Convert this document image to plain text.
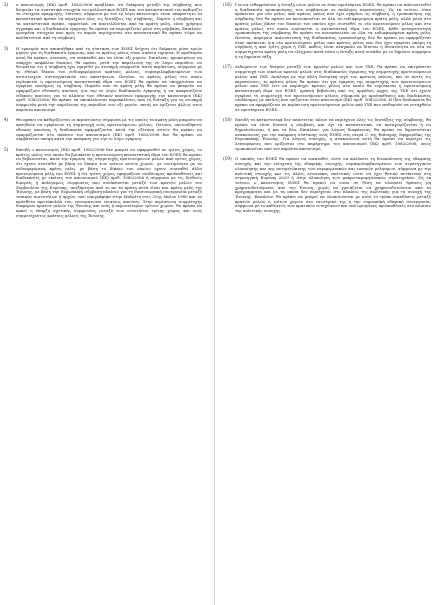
2) ο κανονισμός (ΕΚ) αριθ. 1082/2006 προβλέπει ότι διάκριση μεταξύ της σύμβασης που δεσμεύει τα συστατικά στοιχεία του μελλοντικού ΕΟΕΣ και του καταστατικού του καθορίζει τα στοιχεία εφαρμογής. Ωστόσο, σύμφωνα με τον εν λόγω κανονισμό, είναι απαραίτητο τα καταστατικά πρέπει να περιέχουν όλες τις διατάξεις της σύμβασης. Παρότι η σύμβαση και τα καταστατικά πρέπει, αμφότερα, να αποτελλόνται από τα κράτη μέλη, είναι χρήσιμο έγγραφα και η διαδικασία έγκρισης θα πρέπει να περιορίζεται μόνο στη σύμβαση. Επιπλέον, ορισμένα στοιχεία που προς το παρόν περιέχονται στο καταστατικό θα πρέπει τώρα να καλύπτονται από τη σύμβαση.
3) Η εμπειρία που αποκτήθηκε από τη σύσταση των ΕΟΕΣ δείχνει ότι διάρκεια μόνο τριών μηνών για τη διαδικασία έγκρισης από το κράτος μέλος είναι σπάνια τηρητέα. Η προθεσμία αυτή θα πρέπει, συνεπώς, να επεκταθεί και να είναι εξι μηνών. Επιπλέον, προκειμένου να υπάρχει ασφάλεια δικαίου, θα πρέπει, μετά την παρέλευση της εν λόγω περιόδου, να θεωρείται ότι η σύμβαση έχει εγκριθεί με σιωπηρή συμφωνία, κατά περίπτωση, σύμφωνα με το εθνικό δίκαιο του ενδιαφερόμενου κράτους μέλους, συμπεριλαμβανομένων των αντίστοιχων συνταγματικών του απαιτήσεων. Ωστόσο, το κράτος μέλος στο οποίο ευρίσκεται η προτεινόμενη καταστατική έδρα του ΕΟΕΣ θα πρέπει να υποχρεούται να εγκρίνει επισήμως τη σύμβαση. Παρόλο που τα κράτη μέλη θα πρέπει να μπορούν να εφαρμόζουν εθνικούς κανόνες για την εν λόγω διαδικασία έγκρισης ή να αποφασίζουν ειδικούς κανόνες για το πλαίσιο των εθνικών κανόνων εφαρμογής του κανονισμού (ΕΚ) αριθ. 1082/2006, θα πρέπει να αποκλείονται παρεκκλίσεις από τη διάταξη για τη σιωπηρή συμφωνία μετά την παρέλευση της περιόδου των εξι μηνών, εκτός αν ορίζεται άλλως στον παρόντα κανονισμό.
4) Θα πρέπει να καθορίζονται οι περιπτώσεις σύμφωνα με τις οποίες τα κράτη μέλη μπορούν να αρνηθούν να εγκρίνουν τη συμμετοχή ενός προτεινόμενου μέλους. Ωστόσο, οποιοσδήποτε εθνικός κανόνας ή διαδικασία εφαρμόζονται κατά την εξέταση αυτών θα πρέπει να εφαρμόζονται στο πλαίσιο του κανονισμού (ΕΚ) αριθ. 1082/2006 δεν θα πρέπει να λαμβάνεται υπόψη κατά την απόφαση για την εν λόγω έγκριση.
5) Επειδή ο κανονισμός (ΕΚ) αριθ. 1082/2006 δεν μπορεί να εφαρμοσθεί σε τρίτες χώρες, το κράτος μέλος στο οποίο θα βρίσκεται η προτεινόμενη καταστατική έδρα του ΕΟΕΣ θα πρέπει να βεβαιώνεται, κατά την έγκριση της συμμετοχής προτεινόμενων μελών από τρίτες χώρες, ότι έχουν συσταθεί με βάση το δίκαιο των τρίτων αυτών χωρών, με ισοτιμότητα με τα ενδιαφερόμενα κράτη μέλη, με βάση το δίκαιο του οποίου έχουν συσταθεί άλλα προτεινόμενα μέλη του ΕΟΕΣ ή ότι τρίτες χώρες εφαρμόζουν ισοδύναμες προϋποθέσεις και διαδικασίες με εκείνες του κανονισμού (ΕΚ) αριθ. 1082/2006 ή σύμφωνα με τις διεθνείς διμερείς ή πολυμερείς συμφωνίες που συνάπτονται μεταξύ των κρατών μελών του Συμβουλίου της Ευρώπης, ανεξάρτητα από το αν τα κράτη αυτά είναι και κράτη μέλη της Ένωσης, με βάση την Ευρωπαϊκή σύμβαση-πλαίσιο για τη διασυνοριακή συνεργασία μεταξύ τοπικών κοινοτήτων ή αρχών, που υπογράφηκε στην Μαδρίτη στις 21ης Μαΐου 1980 και τα πρόσθετα πρωτόκολλά του, ενσωματώνει ενιαίους κανόνες. Στην περίπτωση συμμετοχής διαφόρων κρατών μελών της Ένωσης και ενός ή περισσότερων τρίτων χωρών, θα πρέπει να αρκεί η ύπαρξη σχετικής συμφωνίας μεταξύ των οντοτήτων τρίτης χώρας και ενός συμμετέχοντος κράτους μέλους της Ένωσης.
(16) Για να ενθαρρύνεται η ένταξη νέων μελών σε έναν υφιστάμενο ΕΟΕΣ, θα πρέπει να απλουστευθεί η διαδικασία τροποποίησης των συμβάσεων σε ανάλογες περιπτώσεις. Ως εκ τούτου, όταν πρόκειται για νέο μέλος από κράτος μέλος που έχει εγκρίνει τη σύμβαση, η τροποποίηση της σύμβασης δεν θα πρέπει να κοινοποιείται σε όλα τα ενδιαφερόμενα κράτη μέλη, αλλά μόνο στο κράτος μέλος βάσει του δικαίου του οποίου έχει συσταθεί το νέο προτεινόμενο μέλος και στο κράτος μέλος στο οποίο ευρίσκεται η καταστατική έδρα του ΕΟΕΣ. Κάθε μεταγενέστερη τροποποίηση της σύμβασης θα πρέπει να κοινοποιείται σε όλα τα ενδιαφερόμενα κράτη μέλη. Ωστόσο, παρόμοια απλουστευση της διαδικασίας τροποποίησης δεν θα πρέπει να εφαρμόζεται όταν πρόκειται για νέο προτεινόμενο μέλος από κράτος μέλος που δεν έχει εγκρίνει ακόμη τη σύμβαση ή από τρίτη χώρα ή ΥΧΕ, καθώς είναι αναγκαίο να δίνεται η δυνατότητα σε όλα τα συμμετέχοντα κράτη μέλη να ελέγχουν κατά πόσο η ένταξη αυτή συνάδει με το δημόσιο συμφέρον ή τη δημόσια τάξη.
(17) Δεδομένων των δεσμών μεταξύ των κρατών μελών και των ΥΧΕ, θα πρέπει να επιτρέπεται συμμετοχή των οικείων κρατών μελών στις διαδικασίες έγκρισης της συμμετοχής προτεινόμενων μελών από ΥΧΕ. Ανάλογα με την άλλη δυνητική ισχύ του κράτους μέλους, και σε αυτές τις περιπτώσεις, το κράτος μέλος θα πρέπει ότι για έγκριση της συμμετοχής των προτεινόμενων μελών από ΥΧΕ είτε να παράσχει κράτος μέλος στο οποίο θα ευρίσκεται η προτεινόμενη καταστατική έδρα του ΕΟΕΣ, γραπτή βεβαίωση από τις αρμόδιες αρχές της ΥΧΕ ότι έχουν εγκρίνει τη συμμετοχή του προτεινόμενου μέλους σύμφωνα με προϋποθέσεις και διαδικασίες ισοδύναμες με εκείνες που ορίζονται στον κανονισμό (ΕΚ) αριθ. 1082/2006. Η ίδια διαδικασία θα πρέπει να εφαρμόζεται σε περίπτωση προτεινόμενων μελών από ΥΧΕ που επιθυμούν να ενταχθούν σε υφιστάμενο ΕΟΕΣ.
(18) Επειδή τα καταστατικά δεν απαιτείται πλέον να περιέχουν όλες τις διατάξεις της σύμβασης, θα πρέπει να είναι δυνατό η σύμβαση, και όχι τα καταστατικά, να καταχωρίζονται ή να δημοσιεύονται, ή και τα δύο. Επιπλέον, για λόγους διαφάνειας, θα πρέπει να δημοσιεύεται ανακοίνωση για την απόφαση σύστασης ενός ΕΟΕΣ στη σειρά C της Επίσημης Εφημερίδας της Ευρωπαϊκής Ένωσης. Για λόγους συνοχής, η ανακοίνωση αυτή θα πρέπει να περιέχει τις λεπτομέρειες που ορίζονται στο παράρτημα του κανονισμού (ΕΚ) αριθ. 1082/2006, όπως τροποποιείται από τον παρόντα κανονισμό.
(19) Ο σκοπός του ΕΟΕΣ θα πρέπει να επεκταθεί, ώστε να καλύπτει τη διευκόλυνση της εδαφικής συνοχής και την ενίσχυση της εδαφικής συνοχής, συμπεριλαμβανομένων των στρατηγικών υλοποίησης και της αντιμετώπισης των περιφερειακών και τοπικών μέλησμων, σύμφωνα με την πολιτική συνοχής και τις άλλες ενωσιακές πολιτικές ώστε να έχει θετικό αντίκτυπο στη στρατηγική Ευρώπη 2020 ή στην υλοποίηση των μακρο-περιφερειακών στρατηγικών. Ως εκ τούτου, ο κανονισμός ΕΟΕΣ θα πρέπει να είναι σε θέση να υλοποιεί δράσεις μη χρηματοδοτούμενες από την Ένωση, χωρίς να χρειάζεται να χρηματοδοτούνται από τα προγράμματα και με τα οποία δεν περιέχεται στο πλαίσιο της πολιτικής για τη συνοχή της Ένωσης. Επιπλέον, θα πρέπει να μπορεί να υλοποιούνται με αυτό το τρόπο επενδύσεις μεταξύ κρατών μελών ή τρίτων χωρών στο εσωτερικό της ή την ευρωπαϊκή εδαφική συνεργασία, σύμφωνα με το καθεστώς των κρατικών ενισχύσεων και υπό ορισμένες προϋποθέσεις στο πλαίσιο της πολιτικής συνοχής.
